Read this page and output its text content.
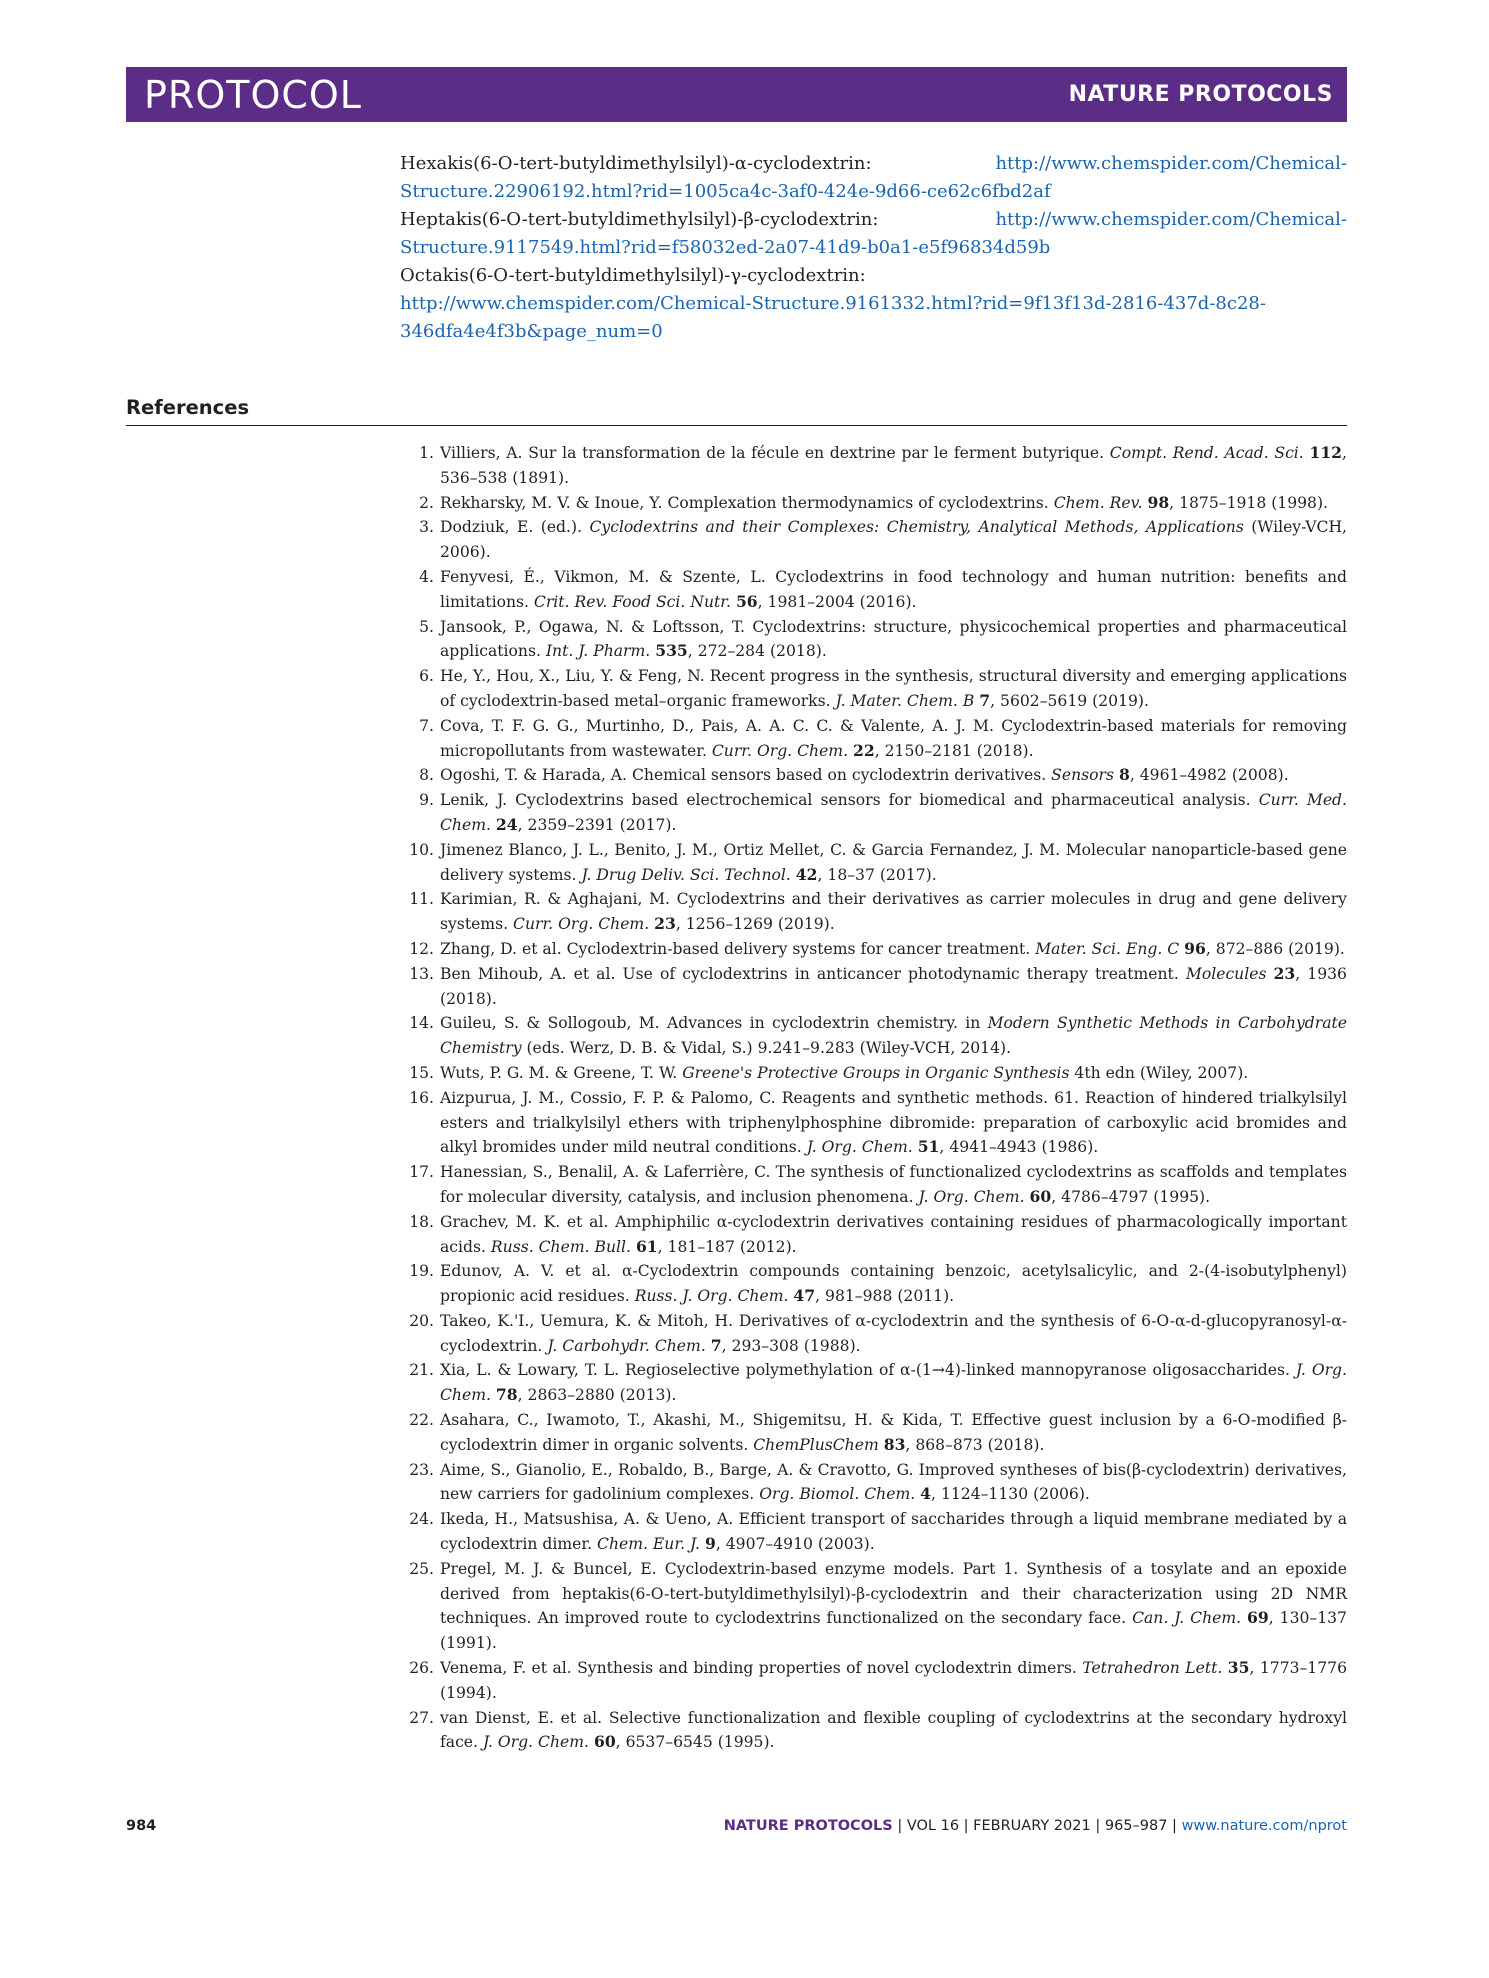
PROTOCOL	NATURE PROTOCOLS
Hexakis(6-O-tert-butyldimethylsilyl)-α-cyclodextrin:	http://www.chemspider.com/Chemical-
Structure.22906192.html?rid=1005ca4c-3af0-424e-9d66-ce62c6fbd2af
Heptakis(6-O-tert-butyldimethylsilyl)-β-cyclodextrin:	http://www.chemspider.com/Chemical-
Structure.9117549.html?rid=f58032ed-2a07-41d9-b0a1-e5f96834d59b
Octakis(6-O-tert-butyldimethylsilyl)-γ-cyclodextrin:
http://www.chemspider.com/Chemical-Structure.9161332.html?rid=9f13f13d-2816-437d-8c28-
346dfa4e4f3b&page_num=0
References
1. Villiers, A. Sur la transformation de la fécule en dextrine par le ferment butyrique. Compt. Rend. Acad. Sci. 112, 536–538 (1891).
2. Rekharsky, M. V. & Inoue, Y. Complexation thermodynamics of cyclodextrins. Chem. Rev. 98, 1875–1918 (1998).
3. Dodziuk, E. (ed.). Cyclodextrins and their Complexes: Chemistry, Analytical Methods, Applications (Wiley-VCH, 2006).
4. Fenyvesi, É., Vikmon, M. & Szente, L. Cyclodextrins in food technology and human nutrition: benefits and limitations. Crit. Rev. Food Sci. Nutr. 56, 1981–2004 (2016).
5. Jansook, P., Ogawa, N. & Loftsson, T. Cyclodextrins: structure, physicochemical properties and pharmaceutical applications. Int. J. Pharm. 535, 272–284 (2018).
6. He, Y., Hou, X., Liu, Y. & Feng, N. Recent progress in the synthesis, structural diversity and emerging applications of cyclodextrin-based metal–organic frameworks. J. Mater. Chem. B 7, 5602–5619 (2019).
7. Cova, T. F. G. G., Murtinho, D., Pais, A. A. C. C. & Valente, A. J. M. Cyclodextrin-based materials for removing micropollutants from wastewater. Curr. Org. Chem. 22, 2150–2181 (2018).
8. Ogoshi, T. & Harada, A. Chemical sensors based on cyclodextrin derivatives. Sensors 8, 4961–4982 (2008).
9. Lenik, J. Cyclodextrins based electrochemical sensors for biomedical and pharmaceutical analysis. Curr. Med. Chem. 24, 2359–2391 (2017).
10. Jimenez Blanco, J. L., Benito, J. M., Ortiz Mellet, C. & Garcia Fernandez, J. M. Molecular nanoparticle-based gene delivery systems. J. Drug Deliv. Sci. Technol. 42, 18–37 (2017).
11. Karimian, R. & Aghajani, M. Cyclodextrins and their derivatives as carrier molecules in drug and gene delivery systems. Curr. Org. Chem. 23, 1256–1269 (2019).
12. Zhang, D. et al. Cyclodextrin-based delivery systems for cancer treatment. Mater. Sci. Eng. C 96, 872–886 (2019).
13. Ben Mihoub, A. et al. Use of cyclodextrins in anticancer photodynamic therapy treatment. Molecules 23, 1936 (2018).
14. Guileu, S. & Sollogoub, M. Advances in cyclodextrin chemistry. in Modern Synthetic Methods in Carbohydrate Chemistry (eds. Werz, D. B. & Vidal, S.) 9.241–9.283 (Wiley-VCH, 2014).
15. Wuts, P. G. M. & Greene, T. W. Greene's Protective Groups in Organic Synthesis 4th edn (Wiley, 2007).
16. Aizpurua, J. M., Cossio, F. P. & Palomo, C. Reagents and synthetic methods. 61. Reaction of hindered trialkylsilyl esters and trialkylsilyl ethers with triphenylphosphine dibromide: preparation of carboxylic acid bromides and alkyl bromides under mild neutral conditions. J. Org. Chem. 51, 4941–4943 (1986).
17. Hanessian, S., Benalil, A. & Laferrière, C. The synthesis of functionalized cyclodextrins as scaffolds and templates for molecular diversity, catalysis, and inclusion phenomena. J. Org. Chem. 60, 4786–4797 (1995).
18. Grachev, M. K. et al. Amphiphilic α-cyclodextrin derivatives containing residues of pharmacologically important acids. Russ. Chem. Bull. 61, 181–187 (2012).
19. Edunov, A. V. et al. α-Cyclodextrin compounds containing benzoic, acetylsalicylic, and 2-(4-isobutylphenyl) propionic acid residues. Russ. J. Org. Chem. 47, 981–988 (2011).
20. Takeo, K.'I., Uemura, K. & Mitoh, H. Derivatives of α-cyclodextrin and the synthesis of 6-O-α-d-glucopyranosyl-α-cyclodextrin. J. Carbohydr. Chem. 7, 293–308 (1988).
21. Xia, L. & Lowary, T. L. Regioselective polymethylation of α-(1→4)-linked mannopyranose oligosaccharides. J. Org. Chem. 78, 2863–2880 (2013).
22. Asahara, C., Iwamoto, T., Akashi, M., Shigemitsu, H. & Kida, T. Effective guest inclusion by a 6-O-modified β-cyclodextrin dimer in organic solvents. ChemPlusChem 83, 868–873 (2018).
23. Aime, S., Gianolio, E., Robaldo, B., Barge, A. & Cravotto, G. Improved syntheses of bis(β-cyclodextrin) derivatives, new carriers for gadolinium complexes. Org. Biomol. Chem. 4, 1124–1130 (2006).
24. Ikeda, H., Matsushisa, A. & Ueno, A. Efficient transport of saccharides through a liquid membrane mediated by a cyclodextrin dimer. Chem. Eur. J. 9, 4907–4910 (2003).
25. Pregel, M. J. & Buncel, E. Cyclodextrin-based enzyme models. Part 1. Synthesis of a tosylate and an epoxide derived from heptakis(6-O-tert-butyldimethylsilyl)-β-cyclodextrin and their characterization using 2D NMR techniques. An improved route to cyclodextrins functionalized on the secondary face. Can. J. Chem. 69, 130–137 (1991).
26. Venema, F. et al. Synthesis and binding properties of novel cyclodextrin dimers. Tetrahedron Lett. 35, 1773–1776 (1994).
27. van Dienst, E. et al. Selective functionalization and flexible coupling of cyclodextrins at the secondary hydroxyl face. J. Org. Chem. 60, 6537–6545 (1995).
984	NATURE PROTOCOLS | VOL 16 | FEBRUARY 2021 | 965–987 | www.nature.com/nprot
